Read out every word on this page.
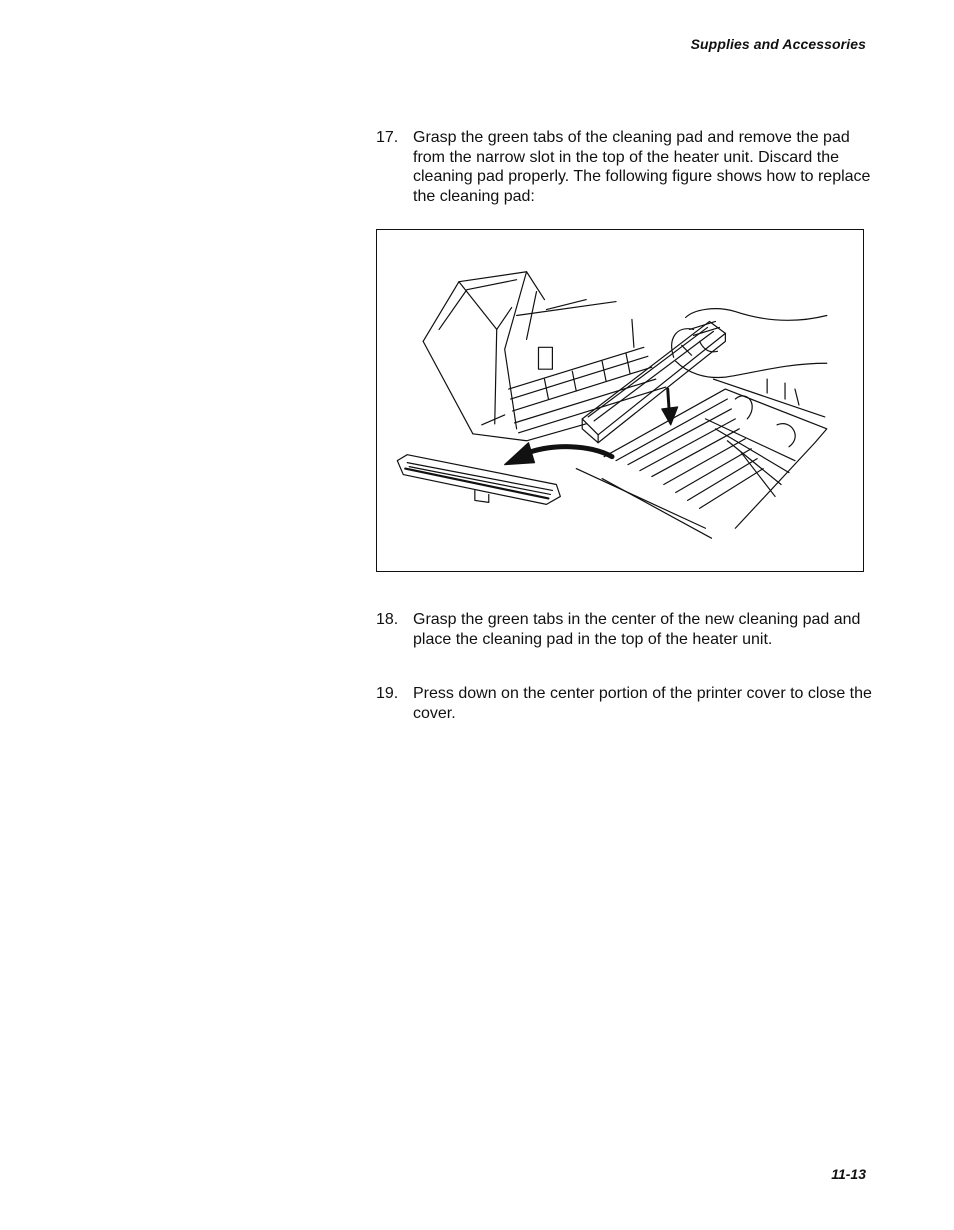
Supplies and Accessories
17. Grasp the green tabs of the cleaning pad and remove the pad from the narrow slot in the top of the heater unit. Discard the cleaning pad properly. The following figure shows how to replace the cleaning pad:
18. Grasp the green tabs in the center of the new cleaning pad and place the cleaning pad in the top of the heater unit.
19. Press down on the center portion of the printer cover to close the cover.
11-13
